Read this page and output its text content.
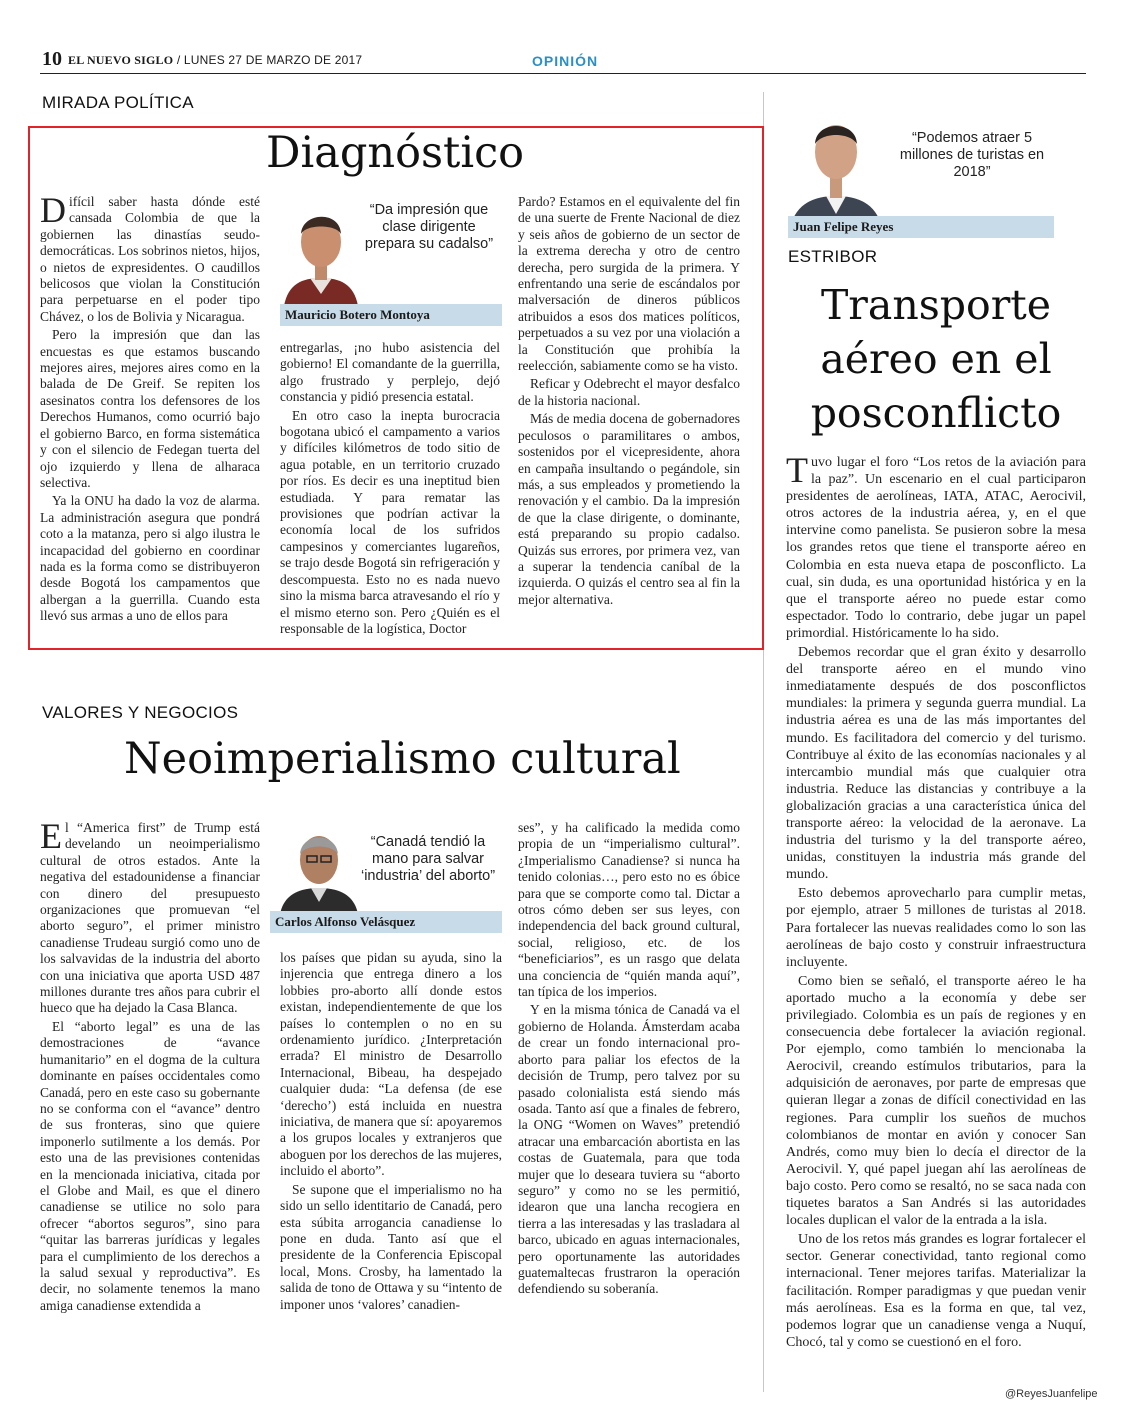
10 EL NUEVO SIGLO / LUNES 27 DE MARZO DE 2017	OPINIÓN
MIRADA POLÍTICA
Diagnóstico

Difícil saber hasta dónde esté cansada Colombia de que la gobiernen las dinastías seudo-democráticas. Los sobrinos nietos, hijos, o nietos de expresidentes. O caudillos belicosos que violan la Constitución para perpetuarse en el poder tipo Chávez, o los de Bolivia y Nicaragua.

Pero la impresión que dan las encuestas es que estamos buscando mejores aires, mejores aires como en la balada de De Greif. Se repiten los asesinatos contra los defensores de los Derechos Humanos, como ocurrió bajo el gobierno Barco, en forma sistemática y con el silencio de Fedegan tuerta del ojo izquierdo y llena de alharaca selectiva.

Ya la ONU ha dado la voz de alarma. La administración asegura que pondrá coto a la matanza, pero si algo ilustra le incapacidad del gobierno en coordinar nada es la forma como se distribuyeron desde Bogotá los campamentos que albergan a la guerrilla. Cuando esta llevó sus armas a uno de ellos para

“Da impresión que clase dirigente prepara su cadalso”
Mauricio Botero Montoya

entregarlas, ¡no hubo asistencia del gobierno! El comandante de la guerrilla, algo frustrado y perplejo, dejó constancia y pidió presencia estatal.

En otro caso la inepta burocracia bogotana ubicó el campamento a varios y difíciles kilómetros de todo sitio de agua potable, en un territorio cruzado por ríos. Es decir es una ineptitud bien estudiada. Y para rematar las provisiones que podrían activar la economía local de los sufridos campesinos y comerciantes lugareños, se trajo desde Bogotá sin refrigeración y descompuesta. Esto no es nada nuevo sino la misma barca atravesando el río y el mismo eterno son. Pero ¿Quién es el responsable de la logística, Doctor

Pardo? Estamos en el equivalente del fin de una suerte de Frente Nacional de diez y seis años de gobierno de un sector de la extrema derecha y otro de centro derecha, pero surgida de la primera. Y enfrentando una serie de escándalos por malversación de dineros públicos atribuidos a esos dos matices políticos, perpetuados a su vez por una violación a la Constitución que prohibía la reelección, sabiamente como se ha visto.

Reficar y Odebrecht el mayor desfalco de la historia nacional.

Más de media docena de gobernadores peculosos o paramilitares o ambos, sostenidos por el vicepresidente, ahora en campaña insultando o pegándole, sin más, a sus empleados y prometiendo la renovación y el cambio. Da la impresión de que la clase dirigente, o dominante, está preparando su propio cadalso. Quizás sus errores, por primera vez, van a superar la tendencia caníbal de la izquierda. O quizás el centro sea al fin la mejor alternativa.

VALORES Y NEGOCIOS
Neoimperialismo cultural

El “America first” de Trump está develando un neoimperialismo cultural de otros estados. Ante la negativa del estadounidense a financiar con dinero del presupuesto organizaciones que promuevan “el aborto seguro”, el primer ministro canadiense Trudeau surgió como uno de los salvavidas de la industria del aborto con una iniciativa que aporta USD 487 millones durante tres años para cubrir el hueco que ha dejado la Casa Blanca.

El “aborto legal” es una de las demostraciones de “avance humanitario” en el dogma de la cultura dominante en países occidentales como Canadá, pero en este caso su gobernante no se conforma con el “avance” dentro de sus fronteras, sino que quiere imponerlo sutilmente a los demás. Por esto una de las previsiones contenidas en la mencionada iniciativa, citada por el Globe and Mail, es que el dinero canadiense se utilice no solo para ofrecer “abortos seguros”, sino para “quitar las barreras jurídicas y legales para el cumplimiento de los derechos a la salud sexual y reproductiva”. Es decir, no solamente tenemos la mano amiga canadiense extendida a

“Canadá tendió la mano para salvar ‘industria’ del aborto”
Carlos Alfonso Velásquez

los países que pidan su ayuda, sino la injerencia que entrega dinero a los lobbies pro-aborto allí donde estos existan, independientemente de que los países lo contemplen o no en su ordenamiento jurídico. ¿Interpretación errada? El ministro de Desarrollo Internacional, Bibeau, ha despejado cualquier duda: “La defensa (de ese ‘derecho’) está incluida en nuestra iniciativa, de manera que sí: apoyaremos a los grupos locales y extranjeros que aboguen por los derechos de las mujeres, incluido el aborto”.

Se supone que el imperialismo no ha sido un sello identitario de Canadá, pero esta súbita arrogancia canadiense lo pone en duda. Tanto así que el presidente de la Conferencia Episcopal local, Mons. Crosby, ha lamentado la salida de tono de Ottawa y su “intento de imponer unos ‘valores’ canadien-

ses”, y ha calificado la medida como propia de un “imperialismo cultural”. ¿Imperialismo Canadiense? si nunca ha tenido colonias…, pero esto no es óbice para que se comporte como tal. Dictar a otros cómo deben ser sus leyes, con independencia del back ground cultural, social, religioso, etc. de los “beneficiarios”, es un rasgo que delata una conciencia de “quién manda aquí”, tan típica de los imperios.

Y en la misma tónica de Canadá va el gobierno de Holanda. Ámsterdam acaba de crear un fondo internacional pro-aborto para paliar los efectos de la decisión de Trump, pero talvez por su pasado colonialista está siendo más osada. Tanto así que a finales de febrero, la ONG “Women on Waves” pretendió atracar una embarcación abortista en las costas de Guatemala, para que toda mujer que lo deseara tuviera su “aborto seguro” y como no se les permitió, idearon que una lancha recogiera en tierra a las interesadas y las trasladara al barco, ubicado en aguas internacionales, pero oportunamente las autoridades guatemaltecas frustraron la operación defendiendo su soberanía.

“Podemos atraer 5 millones de turistas en 2018”
Juan Felipe Reyes
ESTRIBOR
Transporte
aéreo en el
posconflicto

Tuvo lugar el foro “Los retos de la aviación para la paz”. Un escenario en el cual participaron presidentes de aerolíneas, IATA, ATAC, Aerocivil, otros actores de la industria aérea, y, en el que intervine como panelista. Se pusieron sobre la mesa los grandes retos que tiene el transporte aéreo en Colombia en esta nueva etapa de posconflicto. La cual, sin duda, es una oportunidad histórica y en la que el transporte aéreo no puede estar como espectador. Todo lo contrario, debe jugar un papel primordial. Históricamente lo ha sido.

Debemos recordar que el gran éxito y desarrollo del transporte aéreo en el mundo vino inmediatamente después de dos posconflictos mundiales: la primera y segunda guerra mundial. La industria aérea es una de las más importantes del mundo. Es facilitadora del comercio y del turismo. Contribuye al éxito de las economías nacionales y al intercambio mundial más que cualquier otra industria. Reduce las distancias y contribuye a la globalización gracias a una característica única del transporte aéreo: la velocidad de la aeronave. La industria del turismo y la del transporte aéreo, unidas, constituyen la industria más grande del mundo.

Esto debemos aprovecharlo para cumplir metas, por ejemplo, atraer 5 millones de turistas al 2018. Para fortalecer las nuevas realidades como lo son las aerolíneas de bajo costo y construir infraestructura incluyente.

Como bien se señaló, el transporte aéreo le ha aportado mucho a la economía y debe ser privilegiado. Colombia es un país de regiones y en consecuencia debe fortalecer la aviación regional. Por ejemplo, como también lo mencionaba la Aerocivil, creando estímulos tributarios, para la adquisición de aeronaves, por parte de empresas que quieran llegar a zonas de difícil conectividad en las regiones. Para cumplir los sueños de muchos colombianos de montar en avión y conocer San Andrés, como muy bien lo decía el director de la Aerocivil. Y, qué papel juegan ahí las aerolíneas de bajo costo. Pero como se resaltó, no se saca nada con tiquetes baratos a San Andrés si las autoridades locales duplican el valor de la entrada a la isla.

Uno de los retos más grandes es lograr fortalecer el sector. Generar conectividad, tanto regional como internacional. Tener mejores tarifas. Materializar la facilitación. Romper paradigmas y que puedan venir más aerolíneas. Esa es la forma en que, tal vez, podemos lograr que un canadiense venga a Nuquí, Chocó, tal y como se cuestionó en el foro.

@ReyesJuanfelipe
